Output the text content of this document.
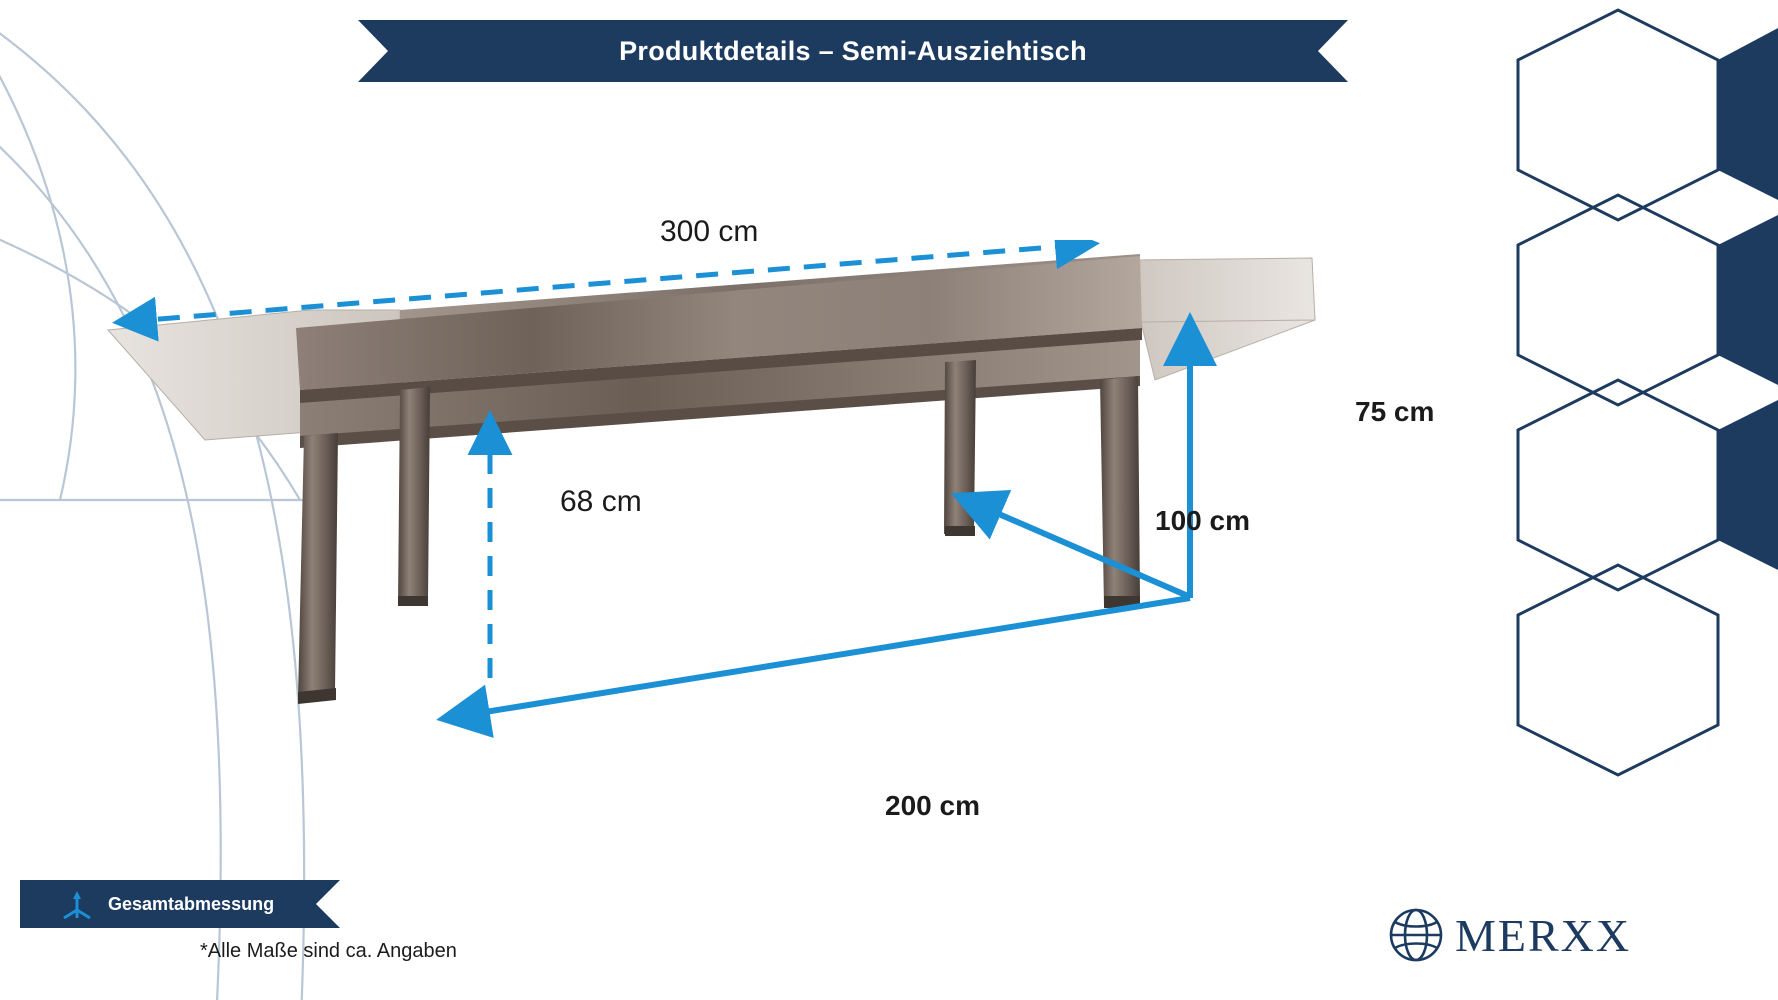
Produktdetails – Semi-Ausziehtisch
300 cm
68 cm
75 cm
100 cm
200 cm
Gesamtabmessung
*Alle Maße sind ca. Angaben	MERXX
